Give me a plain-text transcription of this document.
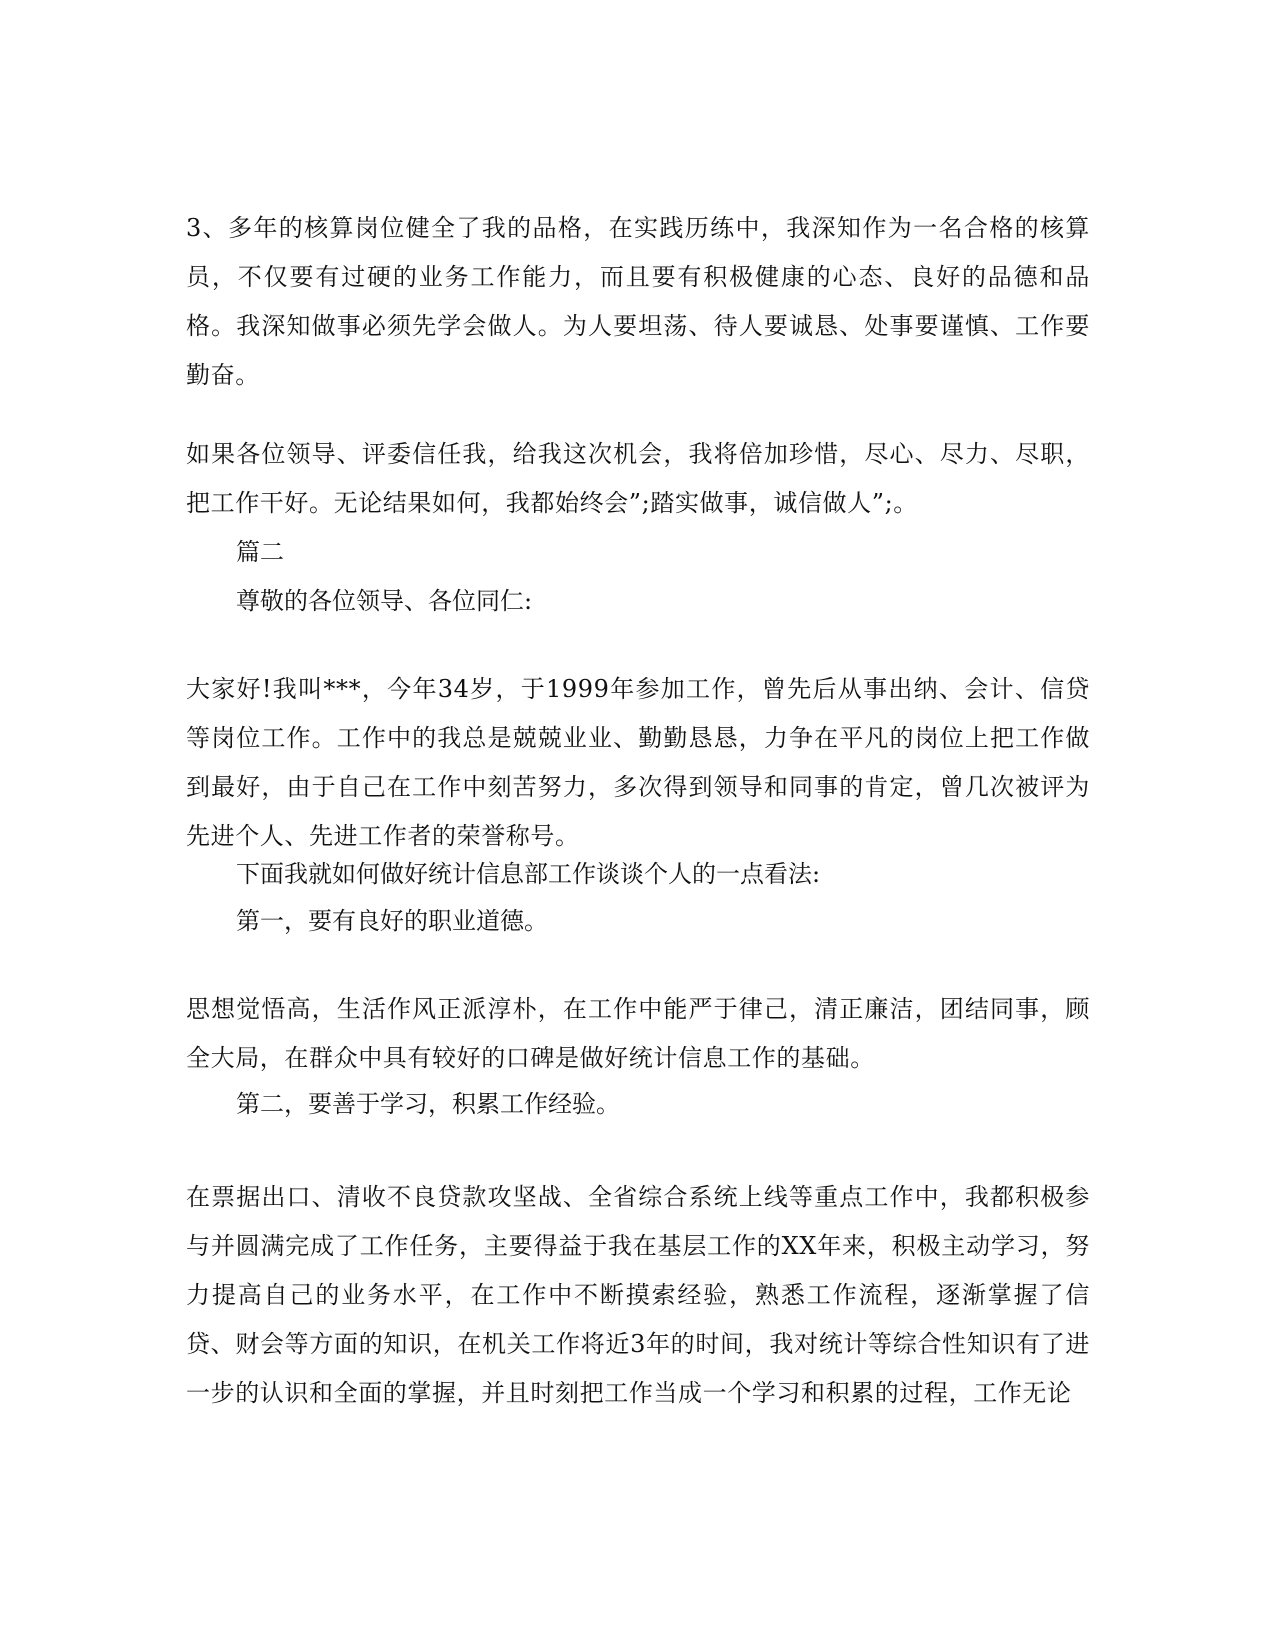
3、多年的核算岗位健全了我的品格，在实践历练中，我深知作为一名合格的核算员，不仅要有过硬的业务工作能力，而且要有积极健康的心态、良好的品德和品格。我深知做事必须先学会做人。为人要坦荡、待人要诚恳、处事要谨慎、工作要勤奋。

如果各位领导、评委信任我，给我这次机会，我将倍加珍惜，尽心、尽力、尽职，把工作干好。无论结果如何，我都始终会”;踏实做事，诚信做人”;。

篇二

尊敬的各位领导、各位同仁:

大家好!我叫***，今年34岁，于1999年参加工作，曾先后从事出纳、会计、信贷等岗位工作。工作中的我总是兢兢业业、勤勤恳恳，力争在平凡的岗位上把工作做到最好，由于自己在工作中刻苦努力，多次得到领导和同事的肯定，曾几次被评为先进个人、先进工作者的荣誉称号。

下面我就如何做好统计信息部工作谈谈个人的一点看法:

第一，要有良好的职业道德。

思想觉悟高，生活作风正派淳朴，在工作中能严于律己，清正廉洁，团结同事，顾全大局，在群众中具有较好的口碑是做好统计信息工作的基础。

第二，要善于学习，积累工作经验。

在票据出口、清收不良贷款攻坚战、全省综合系统上线等重点工作中，我都积极参与并圆满完成了工作任务，主要得益于我在基层工作的XX年来，积极主动学习，努力提高自己的业务水平，在工作中不断摸索经验，熟悉工作流程，逐渐掌握了信贷、财会等方面的知识，在机关工作将近3年的时间，我对统计等综合性知识有了进一步的认识和全面的掌握，并且时刻把工作当成一个学习和积累的过程，工作无论
